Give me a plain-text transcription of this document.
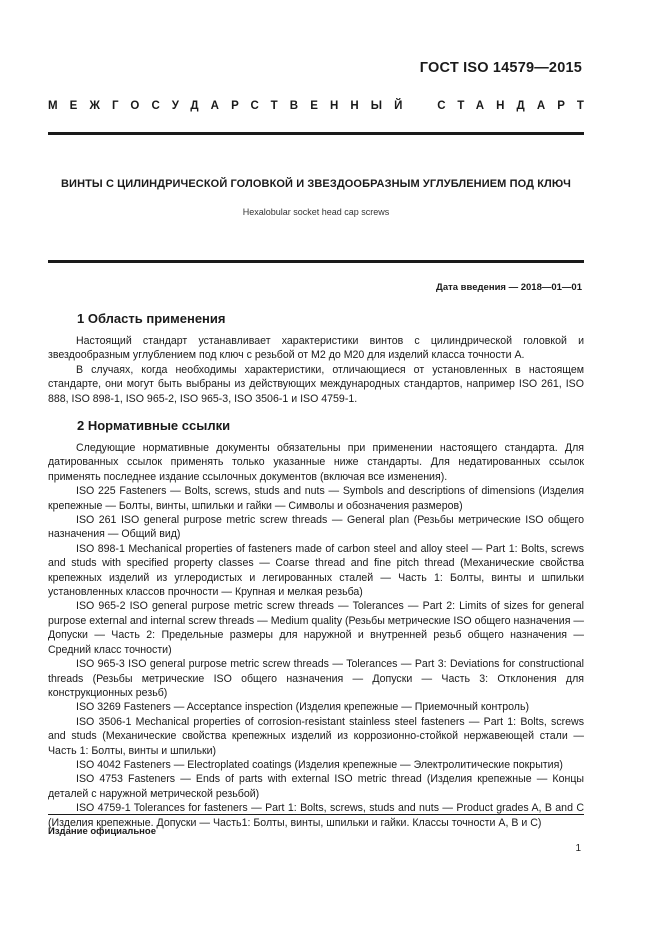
ГОСТ ISO 14579—2015
МЕЖГОСУДАРСТВЕННЫЙ СТАНДАРТ
ВИНТЫ С ЦИЛИНДРИЧЕСКОЙ ГОЛОВКОЙ И ЗВЕЗДООБРАЗНЫМ УГЛУБЛЕНИЕМ ПОД КЛЮЧ
Hexalobular socket head cap screws
Дата введения — 2018—01—01
1 Область применения

Настоящий стандарт устанавливает характеристики винтов с цилиндрической головкой и звездообразным углублением под ключ с резьбой от М2 до М20 для изделий класса точности А.

В случаях, когда необходимы характеристики, отличающиеся от установленных в настоящем стандарте, они могут быть выбраны из действующих международных стандартов, например ISO 261, ISO 888, ISO 898-1, ISO 965-2, ISO 965-3, ISO 3506-1 и ISO 4759-1.

2 Нормативные ссылки

Следующие нормативные документы обязательны при применении настоящего стандарта. Для датированных ссылок применять только указанные ниже стандарты. Для недатированных ссылок применять последнее издание ссылочных документов (включая все изменения).

ISO 225 Fasteners — Bolts, screws, studs and nuts — Symbols and descriptions of dimensions (Изделия крепежные — Болты, винты, шпильки и гайки — Символы и обозначения размеров)

ISO 261 ISO general purpose metric screw threads — General plan (Резьбы метрические ISO общего назначения — Общий вид)

ISO 898-1 Mechanical properties of fasteners made of carbon steel and alloy steel — Part 1: Bolts, screws and studs with specified property classes — Coarse thread and fine pitch thread (Механические свойства крепежных изделий из углеродистых и легированных сталей — Часть 1: Болты, винты и шпильки установленных классов прочности — Крупная и мелкая резьба)

ISO 965-2 ISO general purpose metric screw threads — Tolerances — Part 2: Limits of sizes for general purpose external and internal screw threads — Medium quality (Резьбы метрические ISO общего назначения — Допуски — Часть 2: Предельные размеры для наружной и внутренней резьб общего назначения — Средний класс точности)

ISO 965-3 ISO general purpose metric screw threads — Tolerances — Part 3: Deviations for constructional threads (Резьбы метрические ISO общего назначения — Допуски — Часть 3: Отклонения для конструкционных резьб)

ISO 3269 Fasteners — Acceptance inspection (Изделия крепежные — Приемочный контроль)

ISO 3506-1 Mechanical properties of corrosion-resistant stainless steel fasteners — Part 1: Bolts, screws and studs (Механические свойства крепежных изделий из коррозионно-стойкой нержавеющей стали — Часть 1: Болты, винты и шпильки)

ISO 4042 Fasteners — Electroplated coatings (Изделия крепежные — Электролитические покрытия)

ISO 4753 Fasteners — Ends of parts with external ISO metric thread (Изделия крепежные — Концы деталей с наружной метрической резьбой)

ISO 4759-1 Tolerances for fasteners — Part 1: Bolts, screws, studs and nuts — Product grades A, B and C (Изделия крепежные. Допуски — Часть1: Болты, винты, шпильки и гайки. Классы точности А, В и С)

Издание официальное
1
